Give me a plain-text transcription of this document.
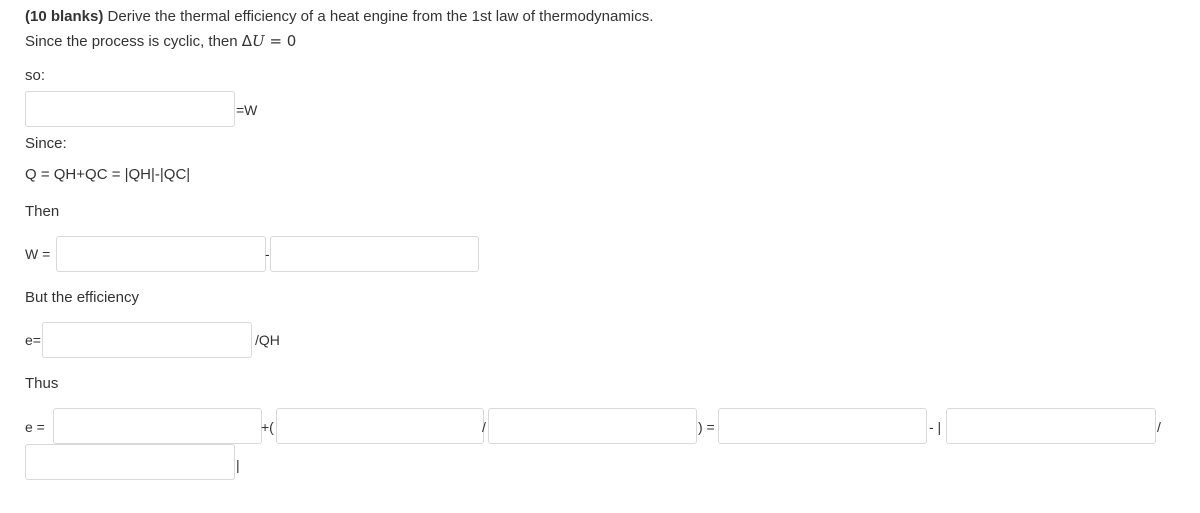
(10 blanks) Derive the thermal efficiency of a heat engine from the 1st law of thermodynamics.
Since the process is cyclic, then ΔU = 0
so:
=W
Since:
Q = QH+QC = |QH|-|QC|
Then
W =	-
But the efficiency
e=	/QH
Thus
e =	+(	/	) =	- |	/
|
